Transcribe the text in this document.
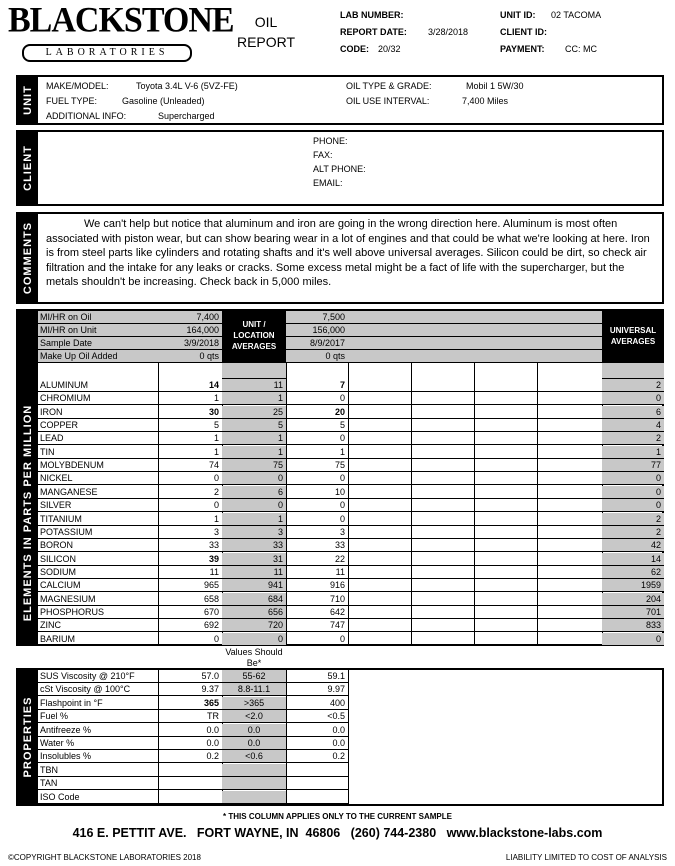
BLACKSTONE
LABORATORIES
OIL
REPORT
LAB NUMBER:
REPORT DATE: 3/28/2018
CODE: 20/32
UNIT ID: 02 TACOMA
CLIENT ID:
PAYMENT: CC: MC
UNIT MAKE/MODEL:	Toyota 3.4L V-6 (5VZ-FE)
FUEL TYPE:	Gasoline (Unleaded)
ADDITIONAL INFO:	Supercharged
OIL TYPE & GRADE:	Mobil 1 5W/30
OIL USE INTERVAL:	7,400 Miles
CLIENT
PHONE:
FAX:
ALT PHONE:
EMAIL:
COMMENTS	We can't help but notice that aluminum and iron are going in the wrong direction here. Aluminum is most often associated with piston wear, but can show bearing wear in a lot of engines and that could be what we're looking at here. Iron is from steel parts like cylinders and rotating shafts and it's well above universal averages. Silicon could be dirt, so check air filtration and the intake for any leaks or cracks. Some excess metal might be a fact of life with the supercharger, but the metals shouldn't be increasing. Check back in 5,000 miles.
ELEMENTS IN PARTS PER MILLION
UNIT / LOCATION AVERAGES
UNIVERSAL AVERAGES
MI/HR on Oil	7,400	7,500
MI/HR on Unit	164,000	156,000
Sample Date	3/9/2018	8/9/2017
Make Up Oil Added	0 qts	0 qts
ALUMINUM	14	11	7	2
CHROMIUM	1	1	0	0
IRON	30	25	20	6
COPPER	5	5	5	4
LEAD	1	1	0	2
TIN	1	1	1	1
MOLYBDENUM	74	75	75	77
NICKEL	0	0	0	0
MANGANESE	2	6	10	0
SILVER	0	0	0	0
TITANIUM	1	1	0	2
POTASSIUM	3	3	3	2
BORON	33	33	33	42
SILICON	39	31	22	14
SODIUM	11	11	11	62
CALCIUM	965	941	916	1959
MAGNESIUM	658	684	710	204
PHOSPHORUS	670	656	642	701
ZINC	692	720	747	833
BARIUM	0	0	0	0
Values Should Be*
PROPERTIES
SUS Viscosity @ 210°F	57.0	55-62	59.1
cSt Viscosity @ 100°C	9.37	8.8-11.1	9.97
Flashpoint in °F	365	>365	400
Fuel %	TR	<2.0	<0.5
Antifreeze %	0.0	0.0	0.0
Water %	0.0	0.0	0.0
Insolubles %	0.2	<0.6	0.2
TBN
TAN
ISO Code
* THIS COLUMN APPLIES ONLY TO THE CURRENT SAMPLE
416 E. PETTIT AVE.   FORT WAYNE, IN  46806   (260) 744-2380   www.blackstone-labs.com
©COPYRIGHT BLACKSTONE LABORATORIES 2018	LIABILITY LIMITED TO COST OF ANALYSIS
